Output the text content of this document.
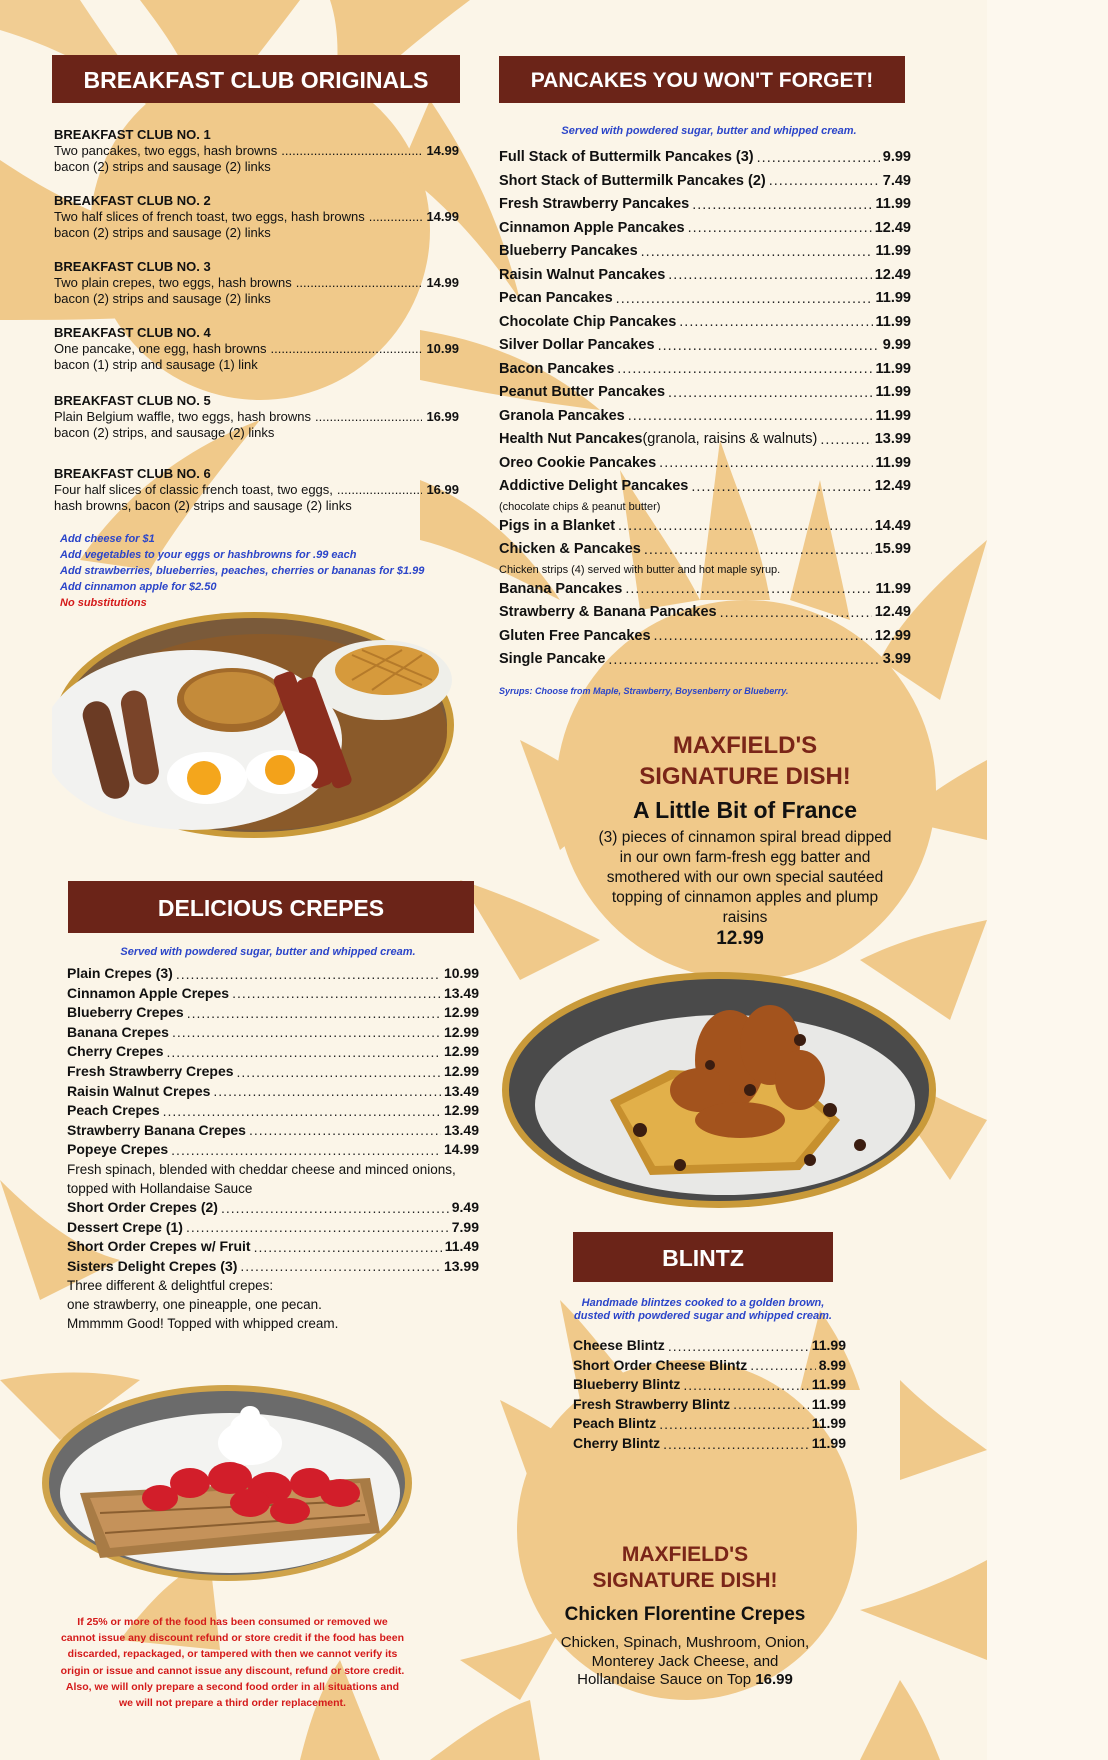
BREAKFAST CLUB ORIGINALS
BREAKFAST CLUB NO. 1
Two pancakes, two eggs, hash browns .....	14.99
bacon (2) strips and sausage (2) links
BREAKFAST CLUB NO. 2
Two half slices of french toast, two eggs, hash browns .....	14.99
bacon (2) strips and sausage (2) links
BREAKFAST CLUB NO. 3
Two plain crepes, two eggs, hash browns .....	14.99
bacon (2) strips and sausage (2) links
BREAKFAST CLUB NO. 4
One pancake, one egg, hash browns .....	10.99
bacon (1) strip and sausage (1) link
BREAKFAST CLUB NO. 5
Plain Belgium waffle, two eggs, hash browns .....	16.99
bacon (2) strips, and sausage (2) links
BREAKFAST CLUB NO. 6
Four half slices of classic french toast, two eggs, .....	16.99
hash browns, bacon (2) strips and sausage (2) links
Add cheese for $1
Add vegetables to your eggs or hashbrowns for .99 each
Add strawberries, blueberries, peaches, cherries or bananas for $1.99
Add cinnamon apple for $2.50
No substitutions
PANCAKES YOU WON'T FORGET!
Served with powdered sugar, butter and whipped cream.
Full Stack of Buttermilk Pancakes (3) .....	9.99
Short Stack of Buttermilk Pancakes (2) .....	7.49
Fresh Strawberry Pancakes .....	11.99
Cinnamon Apple Pancakes .....	12.49
Blueberry Pancakes .....	11.99
Raisin Walnut Pancakes .....	12.49
Pecan Pancakes .....	11.99
Chocolate Chip Pancakes .....	11.99
Silver Dollar Pancakes .....	9.99
Bacon Pancakes .....	11.99
Peanut Butter Pancakes .....	11.99
Granola Pancakes .....	11.99
Health Nut Pancakes (granola, raisins & walnuts) .....	13.99
Oreo Cookie Pancakes .....	11.99
Addictive Delight Pancakes .....	12.49
(chocolate chips & peanut butter)
Pigs in a Blanket .....	14.49
Chicken & Pancakes .....	15.99
Chicken strips (4) served with butter and hot maple syrup.
Banana Pancakes .....	11.99
Strawberry & Banana Pancakes .....	12.49
Gluten Free Pancakes .....	12.99
Single Pancake .....	3.99
Syrups: Choose from Maple, Strawberry, Boysenberry or Blueberry.
MAXFIELD'S
SIGNATURE DISH!
A Little Bit of France
(3) pieces of cinnamon spiral bread dipped in our own farm-fresh egg batter and smothered with our own special sautéed topping of cinnamon apples and plump raisins
12.99
DELICIOUS CREPES
Served with powdered sugar, butter and whipped cream.
Plain Crepes (3) .....	10.99
Cinnamon Apple Crepes .....	13.49
Blueberry Crepes .....	12.99
Banana Crepes .....	12.99
Cherry Crepes .....	12.99
Fresh Strawberry Crepes .....	12.99
Raisin Walnut Crepes .....	13.49
Peach Crepes .....	12.99
Strawberry Banana Crepes .....	13.49
Popeye Crepes .....	14.99
Fresh spinach, blended with cheddar cheese and minced onions, topped with Hollandaise Sauce
Short Order Crepes (2) .....	9.49
Dessert Crepe (1) .....	7.99
Short Order Crepes w/ Fruit .....	11.49
Sisters Delight Crepes (3) .....	13.99
Three different & delightful crepes:
one strawberry, one pineapple, one pecan.
Mmmmm Good! Topped with whipped cream.
If 25% or more of the food has been consumed or removed we cannot issue any discount refund or store credit if the food has been discarded, repackaged, or tampered with then we cannot verify its origin or issue and cannot issue any discount, refund or store credit. Also, we will only prepare a second food order in all situations and we will not prepare a third order replacement.
BLINTZ
Handmade blintzes cooked to a golden brown,
dusted with powdered sugar and whipped cream.
Cheese Blintz .....	11.99
Short Order Cheese Blintz .....	8.99
Blueberry Blintz .....	11.99
Fresh Strawberry Blintz .....	11.99
Peach Blintz .....	11.99
Cherry Blintz .....	11.99
MAXFIELD'S
SIGNATURE DISH!
Chicken Florentine Crepes
Chicken, Spinach, Mushroom, Onion,
Monterey Jack Cheese, and
Hollandaise Sauce on Top 16.99
